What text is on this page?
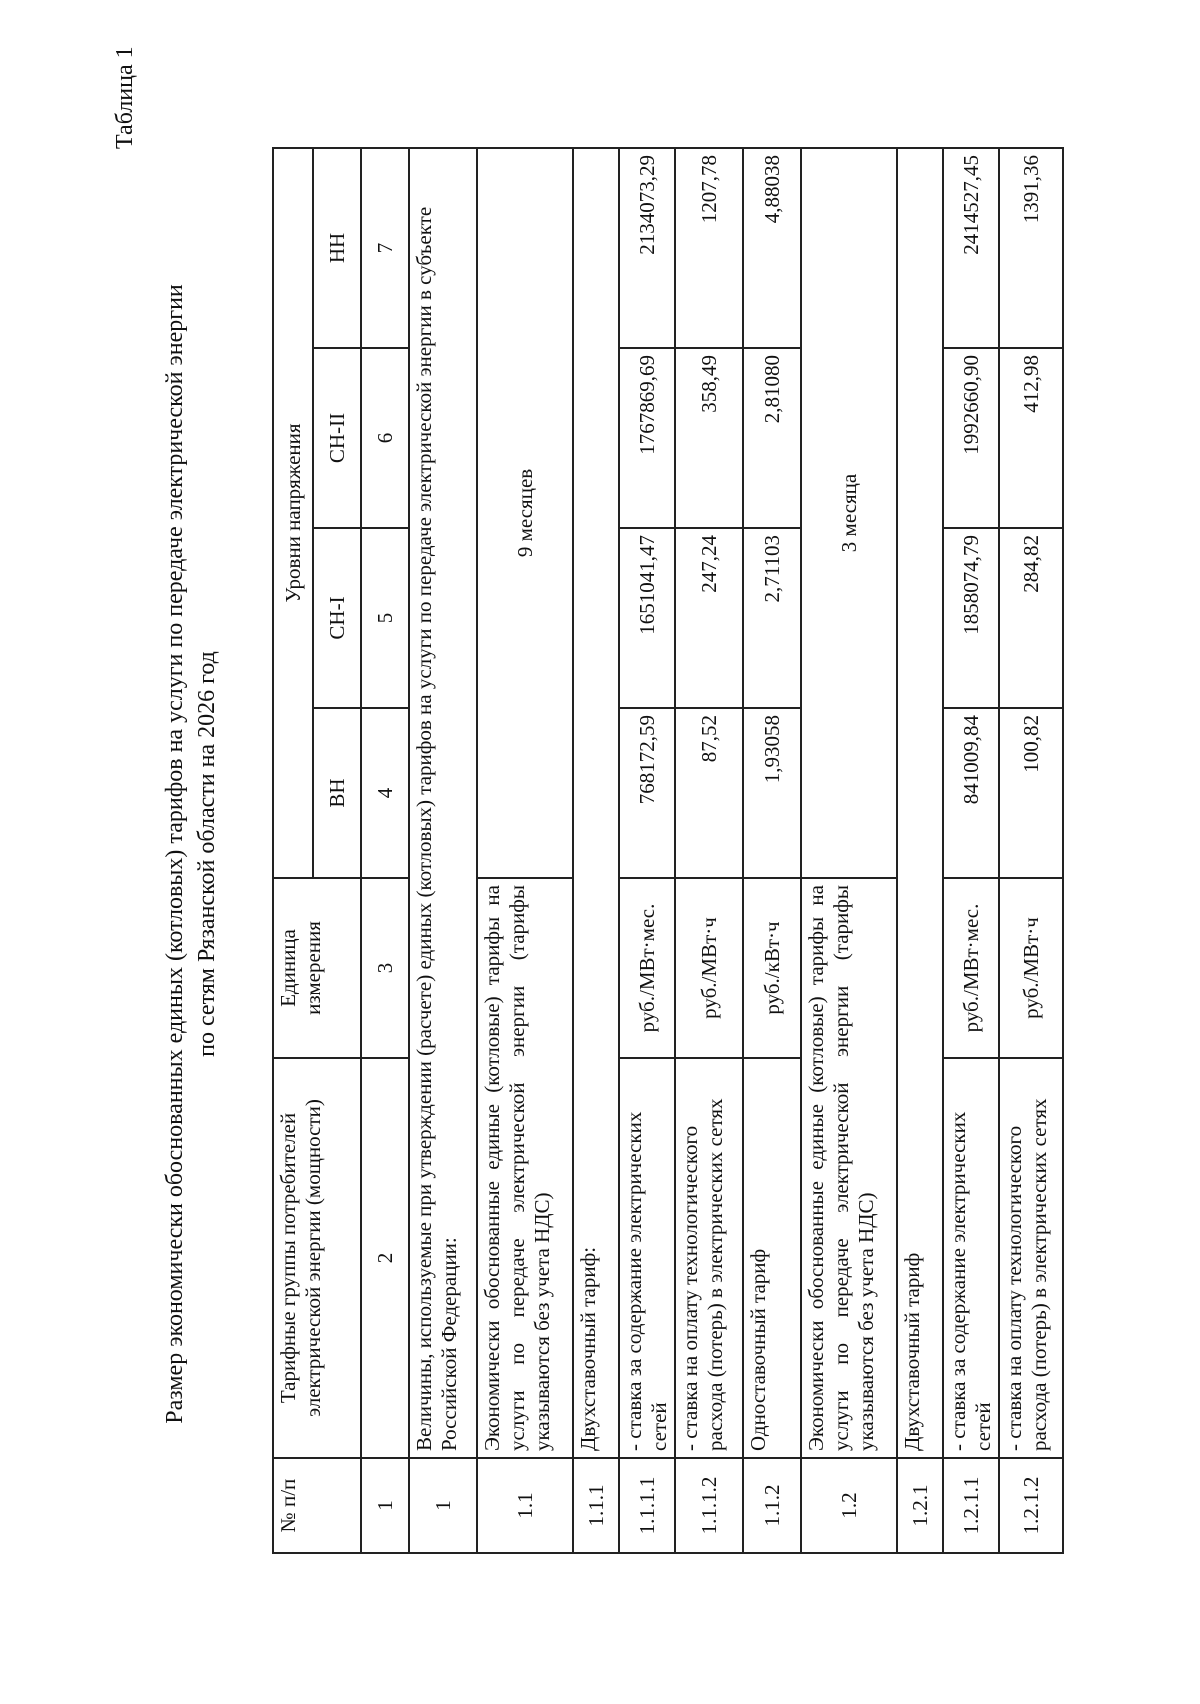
Таблица 1
Размер экономически обоснованных единых (котловых) тарифов на услуги по передаче электрической энергии по сетям Рязанской области на 2026 год
№ п/п	Тарифные группы потребителей электрической энергии (мощности)	Единица измерения	Уровни напряжения			
			ВН	СН-I	СН-II	НН
1	2	3	4	5	6	7
1	Величины, используемые при утверждении (расчете) единых (котловых) тарифов на услуги по передаче электрической энергии в субъекте Российской Федерации:					
1.1	Экономически обоснованные единые (котловые) тарифы на услуги по передаче электрической энергии (тарифы указываются без учета НДС)		9 месяцев			
1.1.1	Двухставочный тариф:					
1.1.1.1	- ставка за содержание электрических сетей	руб./МВт·мес.	768172,59	1651041,47	1767869,69	2134073,29
1.1.1.2	- ставка на оплату технологического расхода (потерь) в электрических сетях	руб./МВт·ч	87,52	247,24	358,49	1207,78
1.1.2	Одноставочный тариф	руб./кВт·ч	1,93058	2,71103	2,81080	4,88038
1.2	Экономически обоснованные единые (котловые) тарифы на услуги по передаче электрической энергии (тарифы указываются без учета НДС)		3 месяца			
1.2.1	Двухставочный тариф					
1.2.1.1	- ставка за содержание электрических сетей	руб./МВт·мес.	841009,84	1858074,79	1992660,90	2414527,45
1.2.1.2	- ставка на оплату технологического расхода (потерь) в электрических сетях	руб./МВт·ч	100,82	284,82	412,98	1391,36
